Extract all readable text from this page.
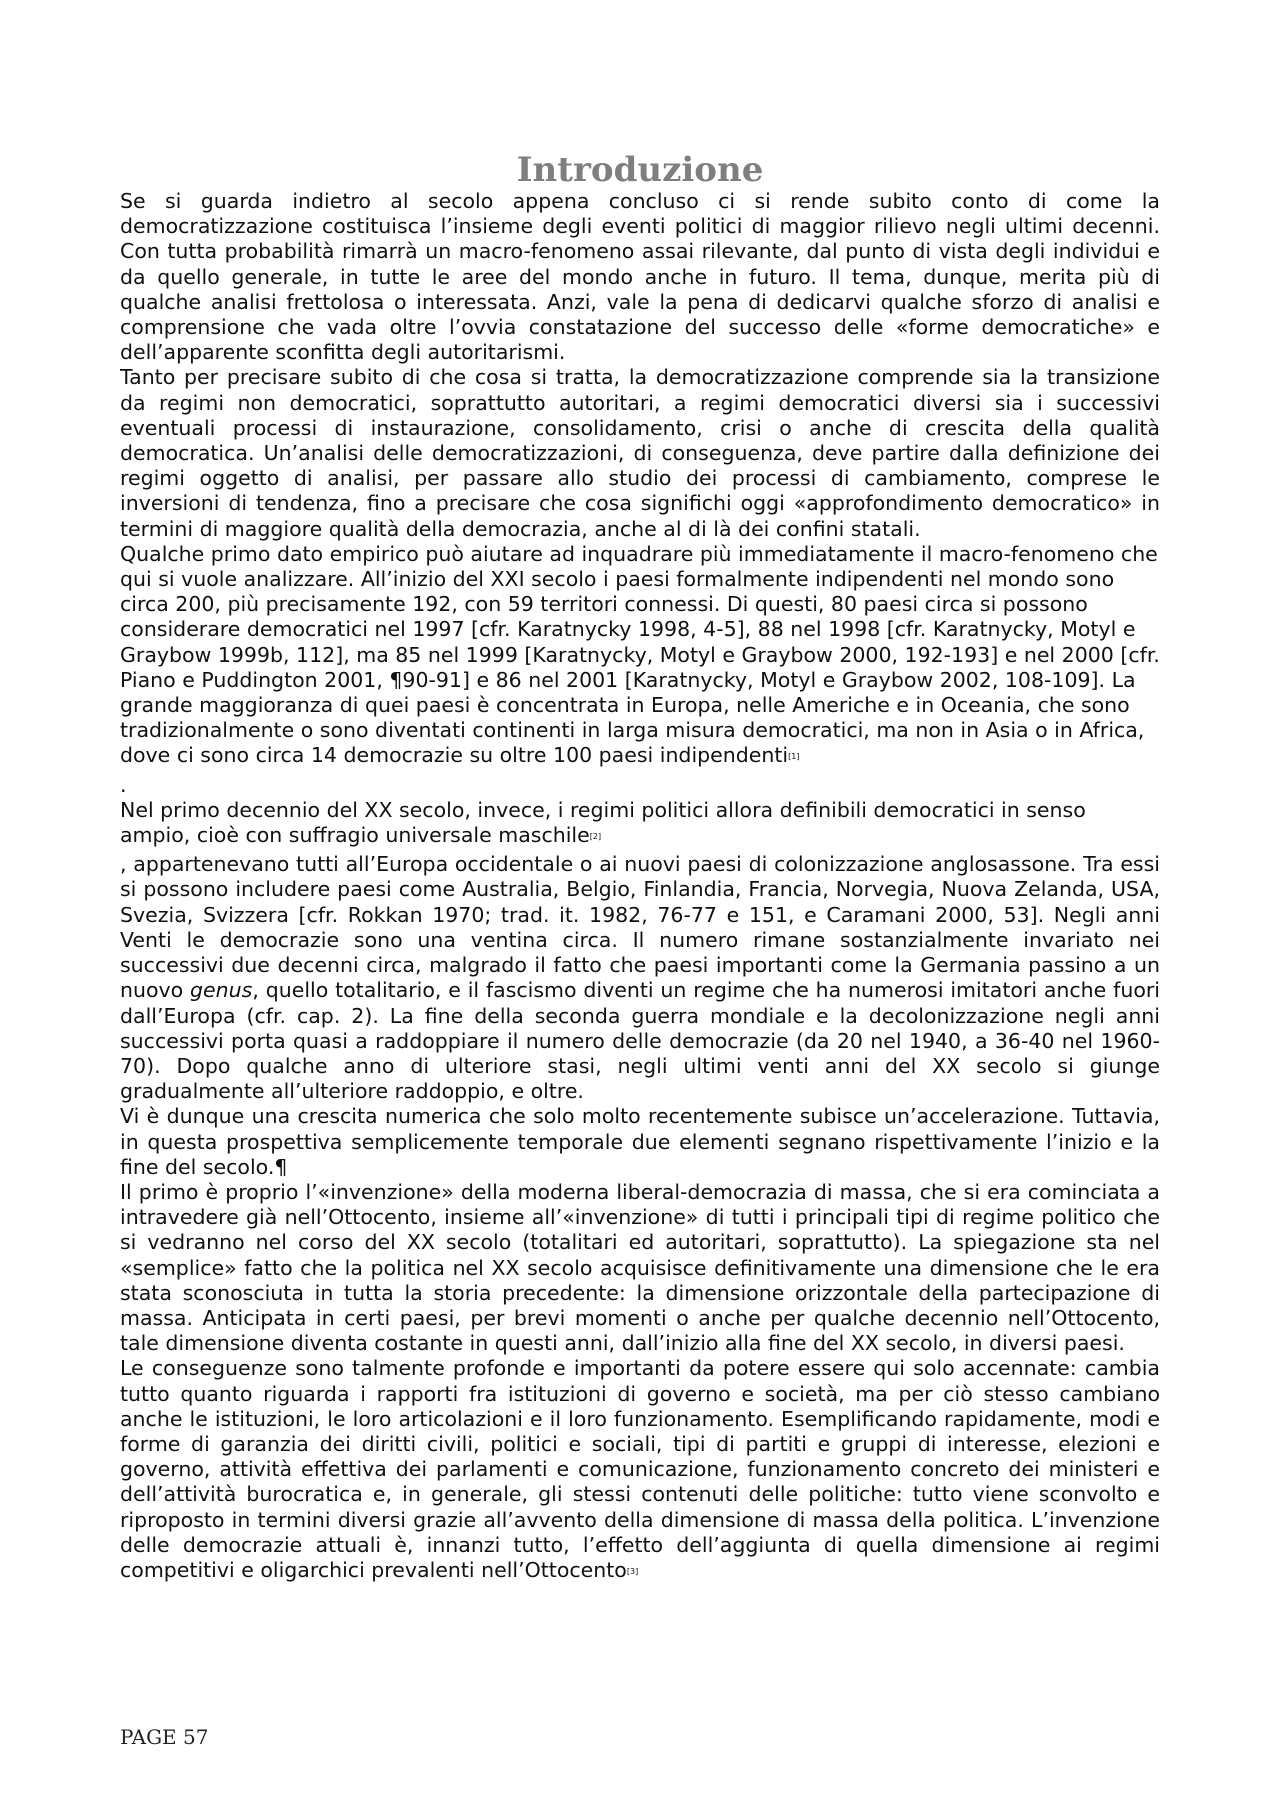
Introduzione

Se si guarda indietro al secolo appena concluso ci si rende subito conto di come la democratizzazione costituisca l’insieme degli eventi politici di maggior rilievo negli ultimi decenni. Con tutta probabilità rimarrà un macro-fenomeno assai rilevante, dal punto di vista degli individui e da quello generale, in tutte le aree del mondo anche in futuro. Il tema, dunque, merita più di qualche analisi frettolosa o interessata. Anzi, vale la pena di dedicarvi qualche sforzo di analisi e comprensione che vada oltre l’ovvia constatazione del successo delle «forme democratiche» e dell’apparente sconfitta degli autoritarismi.

Tanto per precisare subito di che cosa si tratta, la democratizzazione comprende sia la transizione da regimi non democratici, soprattutto autoritari, a regimi democratici diversi sia i successivi eventuali processi di instaurazione, consolidamento, crisi o anche di crescita della qualità democratica. Un’analisi delle democratizzazioni, di conseguenza, deve partire dalla definizione dei regimi oggetto di analisi, per passare allo studio dei processi di cambiamento, comprese le inversioni di tendenza, fino a precisare che cosa significhi oggi «approfondimento democratico» in termini di maggiore qualità della democrazia, anche al di là dei confini statali.

Qualche primo dato empirico può aiutare ad inquadrare più immediatamente il macro-fenomeno che qui si vuole analizzare. All’inizio del XXI secolo i paesi formalmente indipendenti nel mondo sono circa 200, più precisamente 192, con 59 territori connessi. Di questi, 80 paesi circa si possono considerare democratici nel 1997 [cfr. Karatnycky 1998, 4-5], 88 nel 1998 [cfr. Karatnycky, Motyl e Graybow 1999b, 112], ma 85 nel 1999 [Karatnycky, Motyl e Graybow 2000, 192-193] e nel 2000 [cfr. Piano e Puddington 2001, ¶90-91] e 86 nel 2001 [Karatnycky, Motyl e Graybow 2002, 108-109]. La grande maggioranza di quei paesi è concentrata in Europa, nelle Americhe e in Oceania, che sono tradizionalmente o sono diventati continenti in larga misura democratici, ma non in Asia o in Africa, dove ci sono circa 14 democrazie su oltre 100 paesi indipendenti[1]

.

Nel primo decennio del XX secolo, invece, i regimi politici allora definibili democratici in senso ampio, cioè con suffragio universale maschile[2]

, appartenevano tutti all’Europa occidentale o ai nuovi paesi di colonizzazione anglosassone. Tra essi si possono includere paesi come Australia, Belgio, Finlandia, Francia, Norvegia, Nuova Zelanda, USA, Svezia, Svizzera [cfr. Rokkan 1970; trad. it. 1982, 76-77 e 151, e Caramani 2000, 53]. Negli anni Venti le democrazie sono una ventina circa. Il numero rimane sostanzialmente invariato nei successivi due decenni circa, malgrado il fatto che paesi importanti come la Germania passino a un nuovo genus, quello totalitario, e il fascismo diventi un regime che ha numerosi imitatori anche fuori dall’Europa (cfr. cap. 2). La fine della seconda guerra mondiale e la decolonizzazione negli anni successivi porta quasi a raddoppiare il numero delle democrazie (da 20 nel 1940, a 36-40 nel 1960-70). Dopo qualche anno di ulteriore stasi, negli ultimi venti anni del XX secolo si giunge gradualmente all’ulteriore raddoppio, e oltre.

Vi è dunque una crescita numerica che solo molto recentemente subisce un’accelerazione. Tuttavia, in questa prospettiva semplicemente temporale due elementi segnano rispettivamente l’inizio e la fine del secolo.¶

Il primo è proprio l’«invenzione» della moderna liberal-democrazia di massa, che si era cominciata a intravedere già nell’Ottocento, insieme all’«invenzione» di tutti i principali tipi di regime politico che si vedranno nel corso del XX secolo (totalitari ed autoritari, soprattutto). La spiegazione sta nel «semplice» fatto che la politica nel XX secolo acquisisce definitivamente una dimensione che le era stata sconosciuta in tutta la storia precedente: la dimensione orizzontale della partecipazione di massa. Anticipata in certi paesi, per brevi momenti o anche per qualche decennio nell’Ottocento, tale dimensione diventa costante in questi anni, dall’inizio alla fine del XX secolo, in diversi paesi.

Le conseguenze sono talmente profonde e importanti da potere essere qui solo accennate: cambia tutto quanto riguarda i rapporti fra istituzioni di governo e società, ma per ciò stesso cambiano anche le istituzioni, le loro articolazioni e il loro funzionamento. Esemplificando rapidamente, modi e forme di garanzia dei diritti civili, politici e sociali, tipi di partiti e gruppi di interesse, elezioni e governo, attività effettiva dei parlamenti e comunicazione, funzionamento concreto dei ministeri e dell’attività burocratica e, in generale, gli stessi contenuti delle politiche: tutto viene sconvolto e riproposto in termini diversi grazie all’avvento della dimensione di massa della politica. L’invenzione delle democrazie attuali è, innanzi tutto, l’effetto dell’aggiunta di quella dimensione ai regimi competitivi e oligarchici prevalenti nell’Ottocento[3]

PAGE 57
